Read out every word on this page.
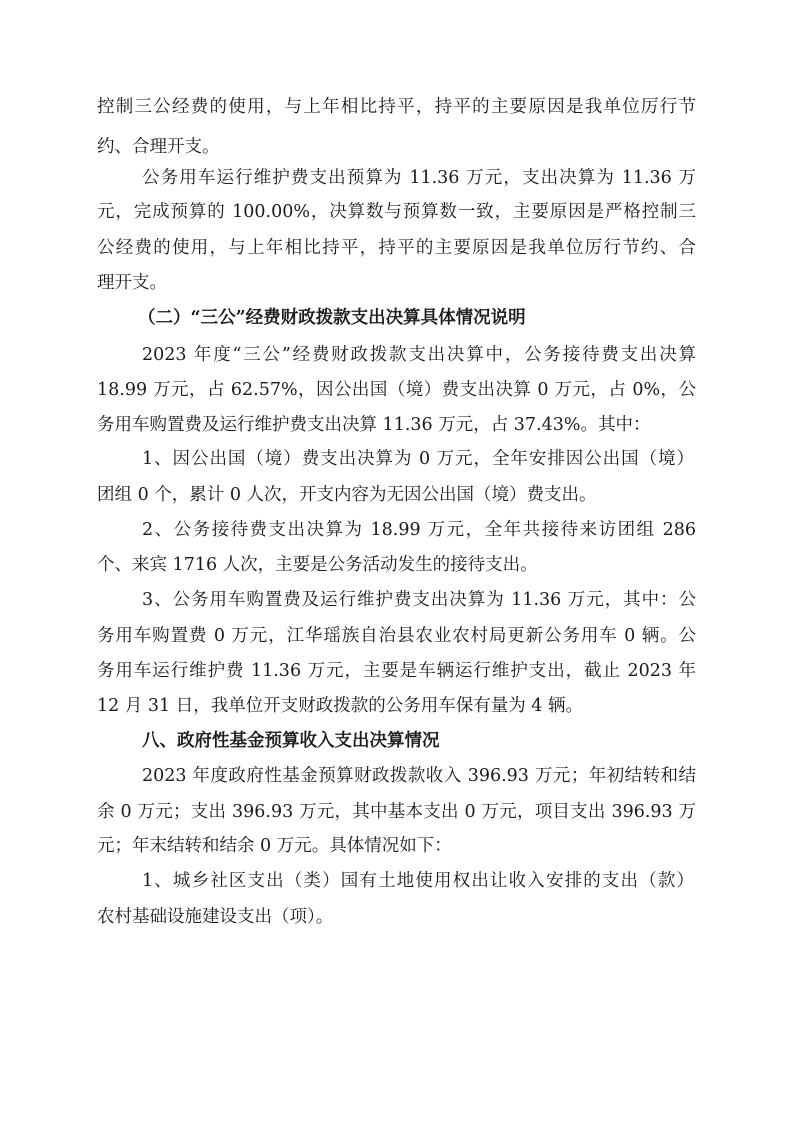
控制三公经费的使用，与上年相比持平，持平的主要原因是我单位厉行节
约、合理开支。
公务用车运行维护费支出预算为 11.36 万元，支出决算为 11.36 万
元，完成预算的 100.00%，决算数与预算数一致，主要原因是严格控制三
公经费的使用，与上年相比持平，持平的主要原因是我单位厉行节约、合
理开支。
（二）“三公”经费财政拨款支出决算具体情况说明
2023 年度“三公”经费财政拨款支出决算中，公务接待费支出决算
18.99 万元，占 62.57%，因公出国（境）费支出决算 0 万元，占 0%，公
务用车购置费及运行维护费支出决算 11.36 万元，占 37.43%。其中：
1、因公出国（境）费支出决算为 0 万元，全年安排因公出国（境）
团组 0 个，累计 0 人次，开支内容为无因公出国（境）费支出。
2、公务接待费支出决算为 18.99 万元，全年共接待来访团组 286
个、来宾 1716 人次，主要是公务活动发生的接待支出。
3、公务用车购置费及运行维护费支出决算为 11.36 万元，其中：公
务用车购置费 0 万元，江华瑶族自治县农业农村局更新公务用车 0 辆。公
务用车运行维护费 11.36 万元，主要是车辆运行维护支出，截止 2023 年
12 月 31 日，我单位开支财政拨款的公务用车保有量为 4 辆。
八、政府性基金预算收入支出决算情况
2023 年度政府性基金预算财政拨款收入 396.93 万元；年初结转和结
余 0 万元；支出 396.93 万元，其中基本支出 0 万元，项目支出 396.93 万
元；年末结转和结余 0 万元。具体情况如下：
1、城乡社区支出（类）国有土地使用权出让收入安排的支出（款）
农村基础设施建设支出（项）。
